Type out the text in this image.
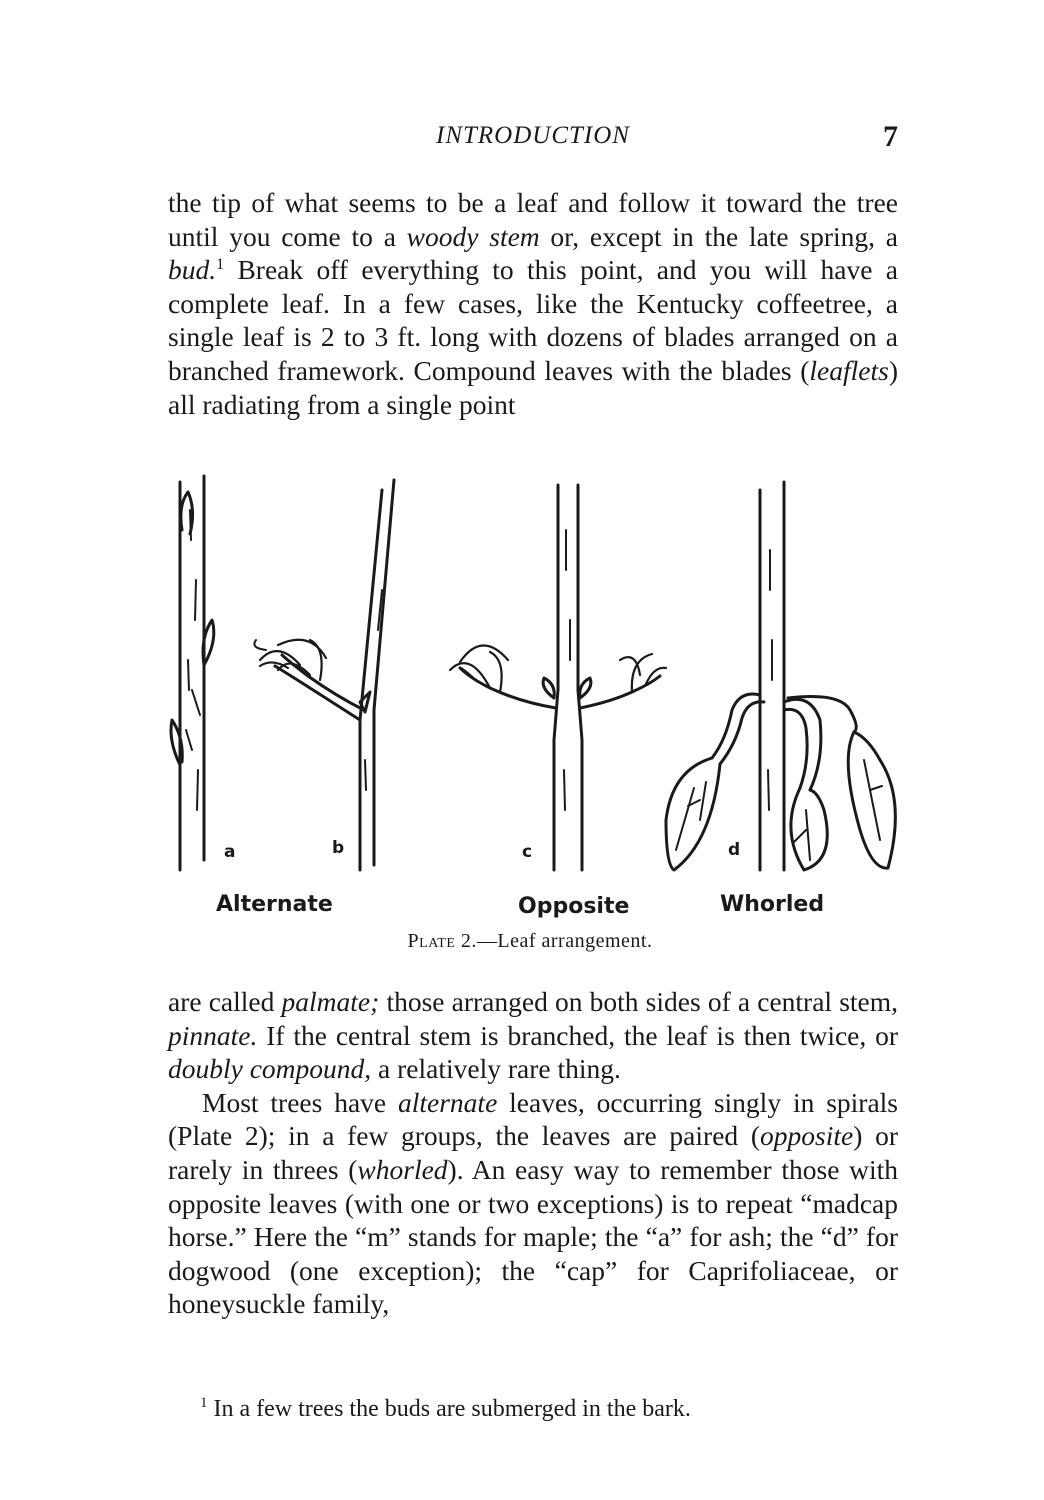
INTRODUCTION	7

the tip of what seems to be a leaf and follow it toward the tree until you come to a woody stem or, except in the late spring, a bud.$^1$ Break off everything to this point, and you will have a complete leaf. In a few cases, like the Kentucky coffeetree, a single leaf is 2 to 3 ft. long with dozens of blades arranged on a branched framework. Compound leaves with the blades (leaflets) all radiating from a single point

a	b	c	d
Alternate	Opposite	Whorled
Plate 2.—Leaf arrangement.

are called palmate; those arranged on both sides of a central stem, pinnate. If the central stem is branched, the leaf is then twice, or doubly compound, a relatively rare thing.

Most trees have alternate leaves, occurring singly in spirals (Plate 2); in a few groups, the leaves are paired (opposite) or rarely in threes (whorled). An easy way to remember those with opposite leaves (with one or two exceptions) is to repeat “madcap horse.” Here the “m” stands for maple; the “a” for ash; the “d” for dogwood (one exception); the “cap” for Caprifoliaceae, or honeysuckle family,

$^1$ In a few trees the buds are submerged in the bark.
